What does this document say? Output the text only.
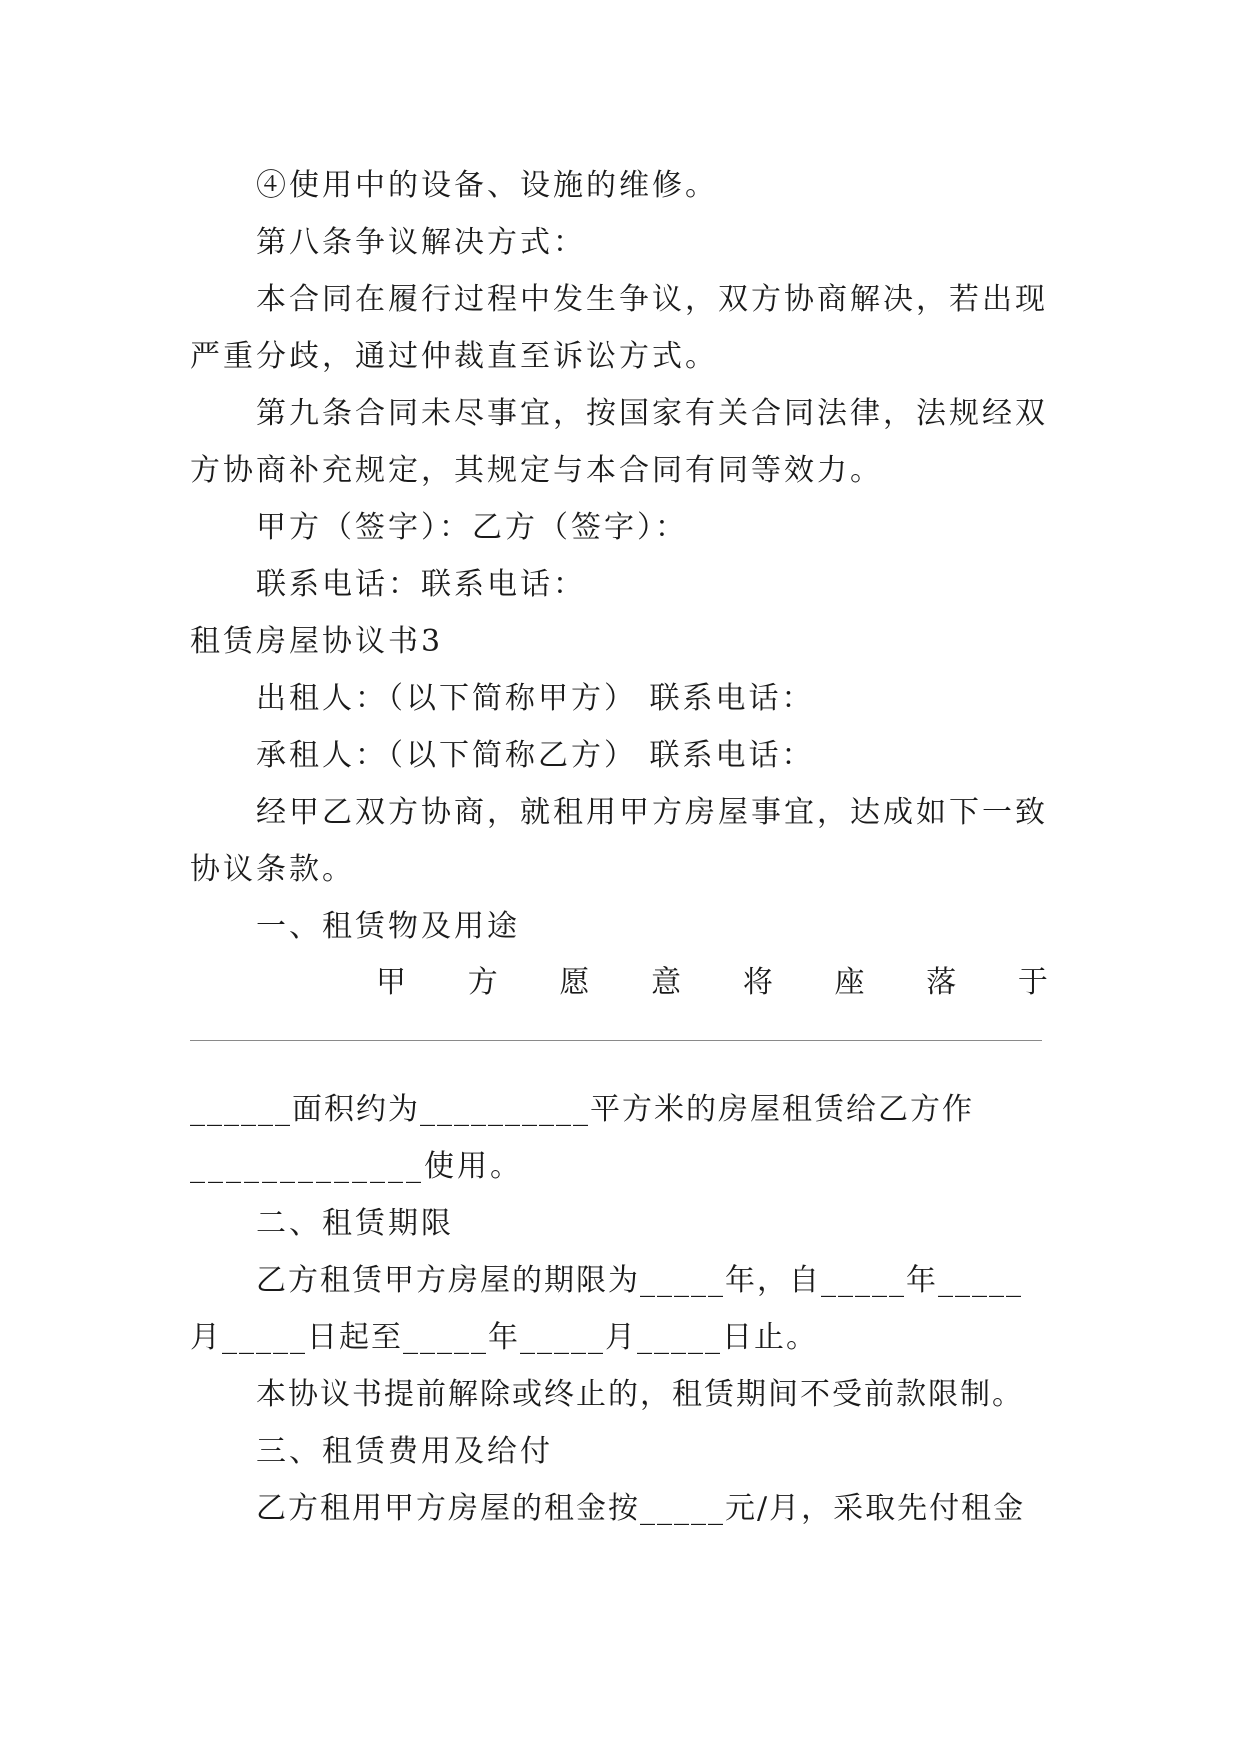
④使用中的设备、设施的维修。
第八条争议解决方式：
本合同在履行过程中发生争议，双方协商解决，若出现
严重分歧，通过仲裁直至诉讼方式。
第九条合同未尽事宜，按国家有关合同法律，法规经双
方协商补充规定，其规定与本合同有同等效力。
甲方（签字）：乙方（签字）：
联系电话：联系电话：
租赁房屋协议书3
出租人：（以下简称甲方） 联系电话：
承租人：（以下简称乙方） 联系电话：
经甲乙双方协商，就租用甲方房屋事宜，达成如下一致
协议条款。
一、租赁物及用途
甲 方 愿 意 将 座 落 于
______面积约为__________平方米的房屋租赁给乙方作
_____________使用。
二、租赁期限
乙方租赁甲方房屋的期限为_____年，自_____年_____
月_____日起至_____年_____月_____日止。
本协议书提前解除或终止的，租赁期间不受前款限制。
三、租赁费用及给付
乙方租用甲方房屋的租金按_____元/月，采取先付租金
